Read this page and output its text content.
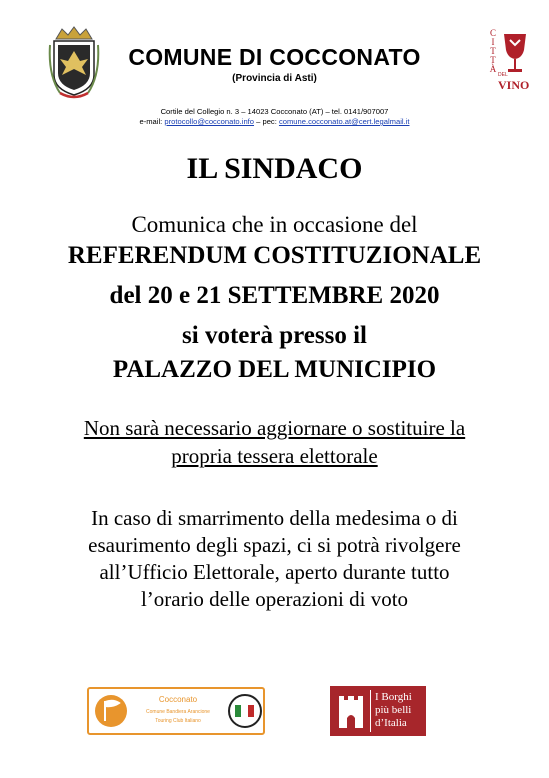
COMUNE DI COCCONATO
(Provincia di Asti)
CITTÀ
DEL
VINO
Cortile del Collegio n. 3 – 14023 Cocconato (AT) – tel. 0141/907007
e-mail: protocollo@cocconato.info – pec: comune.cocconato.at@cert.legalmail.it
IL SINDACO
Comunica che in occasione del
REFERENDUM COSTITUZIONALE
del 20 e 21 SETTEMBRE 2020
si voterà presso il
PALAZZO DEL MUNICIPIO
Non sarà necessario aggiornare o sostituire la
propria tessera elettorale
In caso di smarrimento della medesima o di
esaurimento degli spazi, ci si potrà rivolgere
all’Ufficio Elettorale, aperto durante tutto
l’orario delle operazioni di voto
Cocconato
Comune Bandiera Arancione
Touring Club Italiano
I Borghi
più belli
d’Italia
